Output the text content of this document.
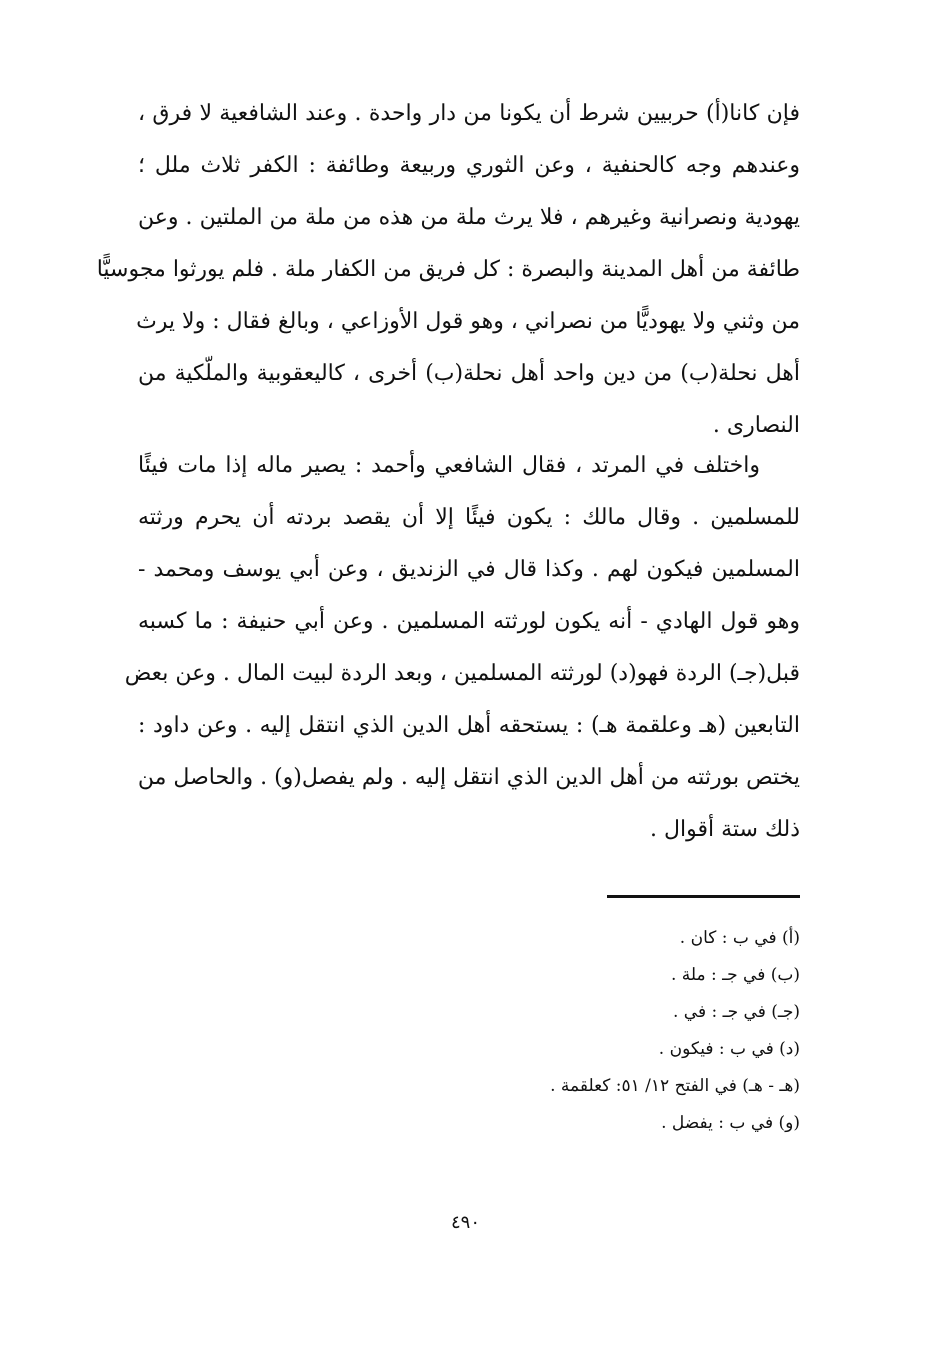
فإن كانا(أ) حربيين شرط أن يكونا من دار واحدة . وعند الشافعية لا فرق ،
وعندهم وجه كالحنفية ، وعن الثوري وربيعة وطائفة : الكفر ثلاث ملل ؛
يهودية ونصرانية وغيرهم ، فلا يرث ملة من هذه من ملة من الملتين . وعن
طائفة من أهل المدينة والبصرة : كل فريق من الكفار ملة . فلم يورثوا مجوسيًّا
من وثني ولا يهوديًّا من نصراني ، وهو قول الأوزاعي ، وبالغ فقال : ولا يرث
أهل نحلة(ب) من دين واحد أهل نحلة(ب) أخرى ، كاليعقوبية والملّكية من
النصارى .
واختلف في المرتد ، فقال الشافعي وأحمد : يصير ماله إذا مات فيئًا
للمسلمين . وقال مالك : يكون فيئًا إلا أن يقصد بردته أن يحرم ورثته
المسلمين فيكون لهم . وكذا قال في الزنديق ، وعن أبي يوسف ومحمد -
وهو قول الهادي - أنه يكون لورثته المسلمين . وعن أبي حنيفة : ما كسبه
قبل(جـ) الردة فهو(د) لورثته المسلمين ، وبعد الردة لبيت المال . وعن بعض
التابعين (هـ وعلقمة هـ) : يستحقه أهل الدين الذي انتقل إليه . وعن داود :
يختص بورثته من أهل الدين الذي انتقل إليه . ولم يفصل(و) . والحاصل من
ذلك ستة أقوال .
(أ) في ب : كان .
(ب) في جـ : ملة .
(جـ) في جـ : في .
(د) في ب : فيكون .
(هـ - هـ) في الفتح ١٢/ ٥١: كعلقمة .
(و) في ب : يفضل .
٤٩٠
